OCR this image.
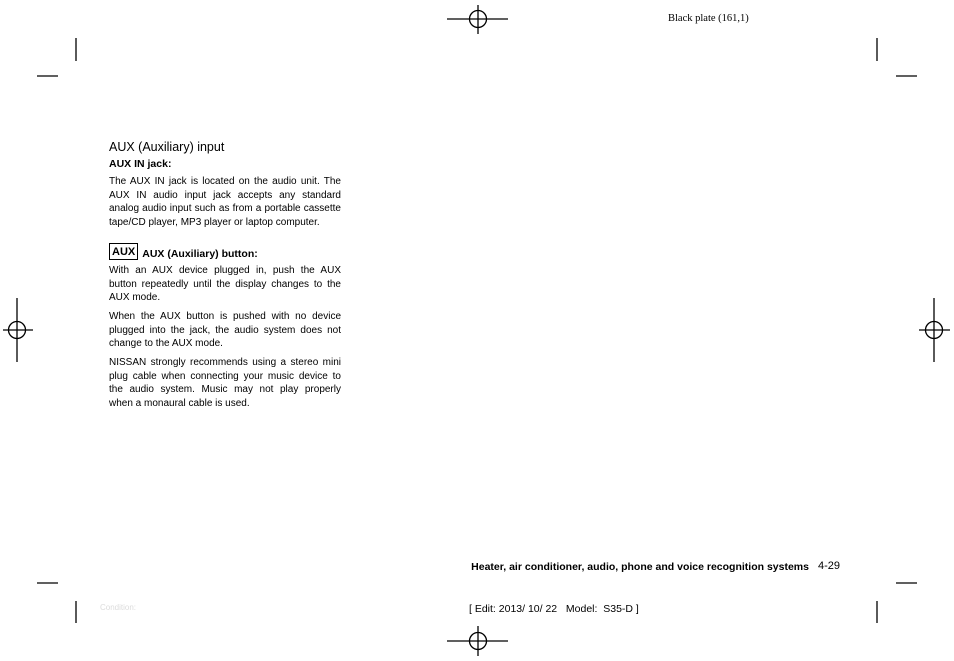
Black plate (161,1)
AUX (Auxiliary) input
AUX IN jack:
The AUX IN jack is located on the audio unit. The AUX IN audio input jack accepts any standard analog audio input such as from a portable cassette tape/CD player, MP3 player or laptop computer.
AUX AUX (Auxiliary) button:
With an AUX device plugged in, push the AUX button repeatedly until the display changes to the AUX mode.
When the AUX button is pushed with no device plugged into the jack, the audio system does not change to the AUX mode.
NISSAN strongly recommends using a stereo mini plug cable when connecting your music device to the audio system. Music may not play properly when a monaural cable is used.
Heater, air conditioner, audio, phone and voice recognition systems 4-29
Condition:	[ Edit: 2013/ 10/ 22   Model:  S35-D ]
